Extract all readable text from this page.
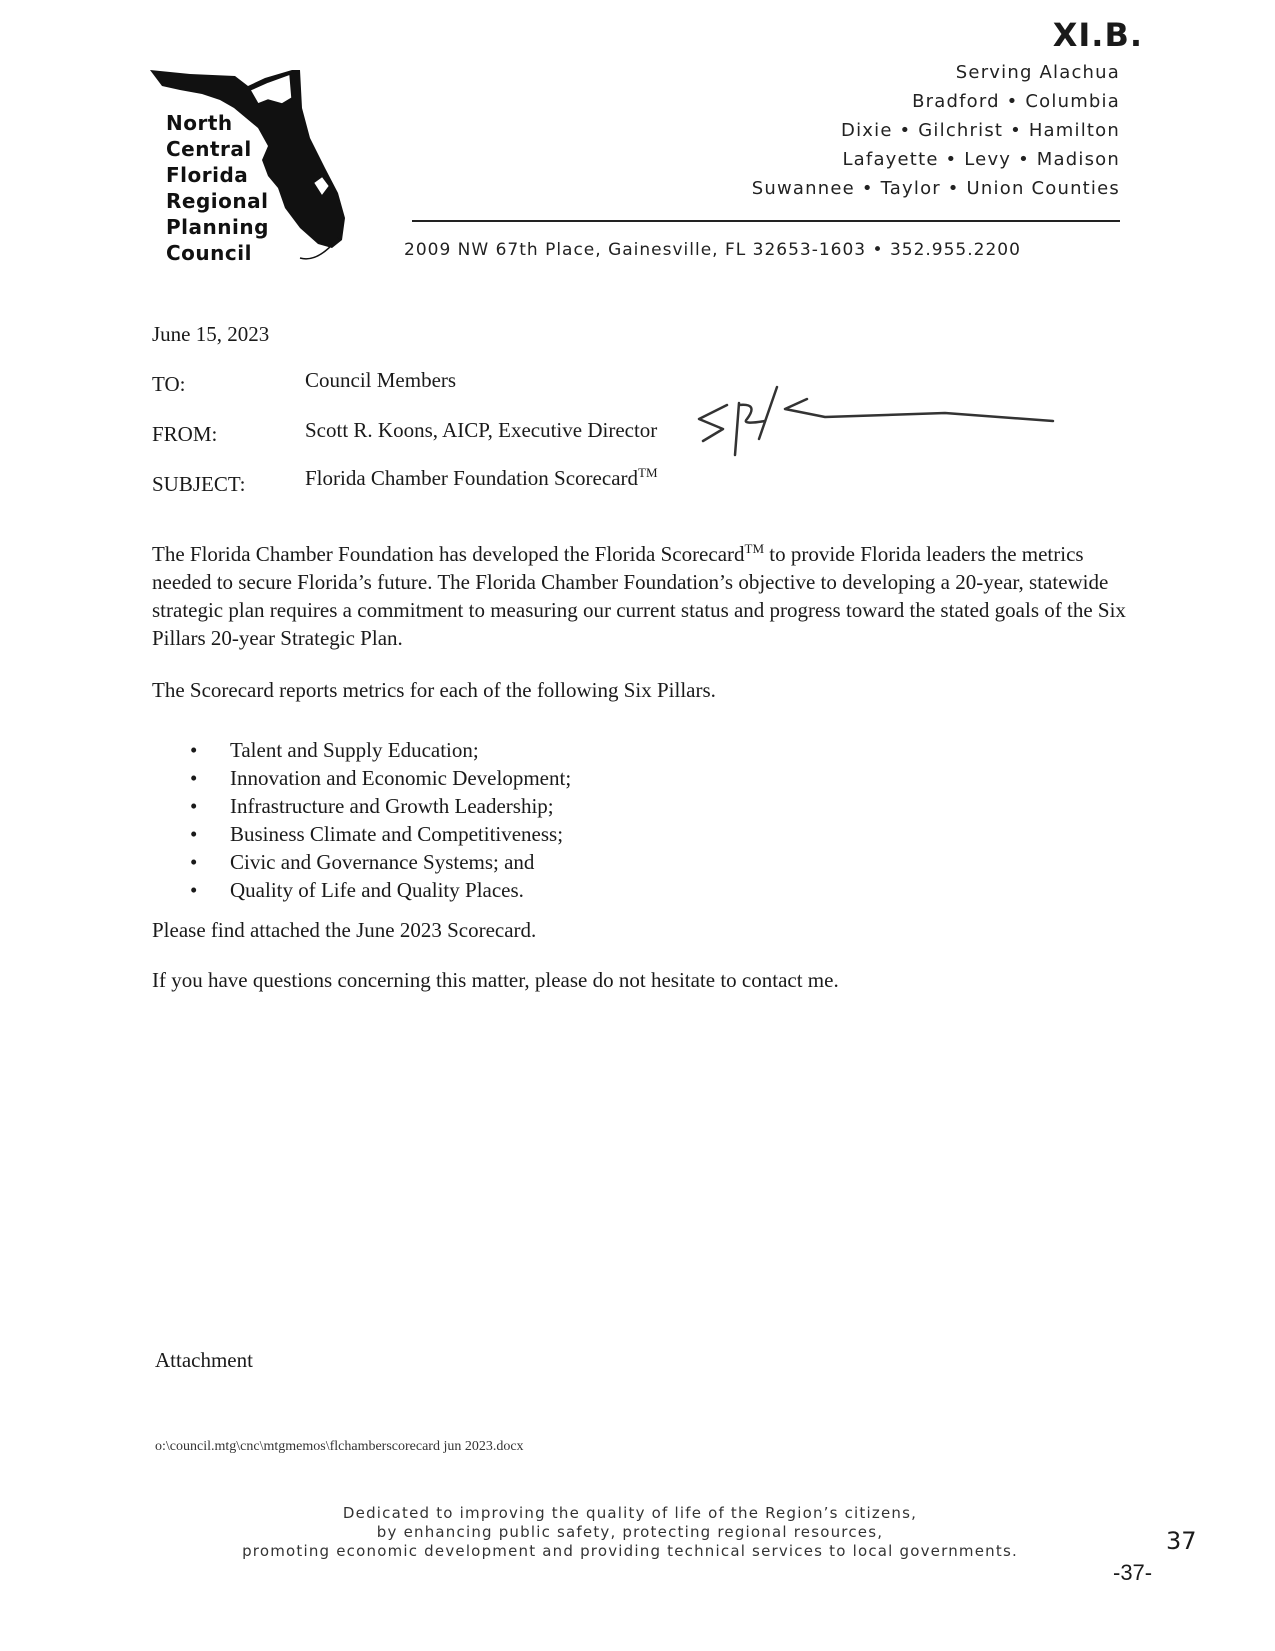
XI.B.
North
Central
Florida
Regional
Planning
Council
Serving Alachua
Bradford • Columbia
Dixie • Gilchrist • Hamilton
Lafayette • Levy • Madison
Suwannee • Taylor • Union Counties
2009 NW 67th Place, Gainesville, FL 32653-1603 • 352.955.2200
June 15, 2023
TO:	Council Members
FROM:	Scott R. Koons, AICP, Executive Director
SUBJECT:	Florida Chamber Foundation Scorecard™
The Florida Chamber Foundation has developed the Florida Scorecard™ to provide Florida leaders the metrics needed to secure Florida’s future. The Florida Chamber Foundation’s objective to developing a 20-year, statewide strategic plan requires a commitment to measuring our current status and progress toward the stated goals of the Six Pillars 20-year Strategic Plan.
The Scorecard reports metrics for each of the following Six Pillars.
• Talent and Supply Education;
• Innovation and Economic Development;
• Infrastructure and Growth Leadership;
• Business Climate and Competitiveness;
• Civic and Governance Systems; and
• Quality of Life and Quality Places.
Please find attached the June 2023 Scorecard.
If you have questions concerning this matter, please do not hesitate to contact me.
Attachment
o:\council.mtg\cnc\mtgmemos\flchamberscorecard jun 2023.docx
Dedicated to improving the quality of life of the Region’s citizens,
by enhancing public safety, protecting regional resources,
promoting economic development and providing technical services to local governments.	37
-37-
